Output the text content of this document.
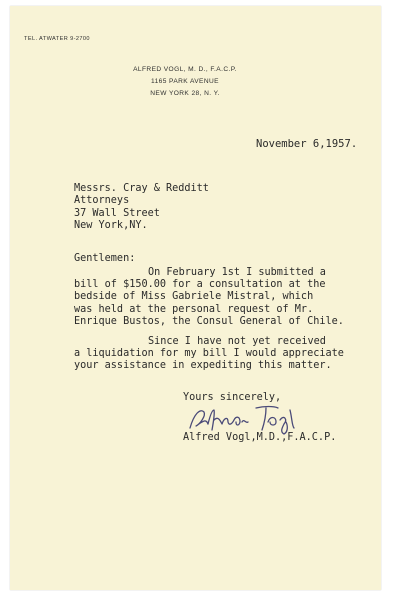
TEL. ATWATER 9-2700
ALFRED VOGL, M. D., F.A.C.P.
1165 PARK AVENUE
NEW YORK 28, N. Y.
November 6,1957.
Messrs. Cray & Redditt
Attorneys
37 Wall Street
New York,NY.
Gentlemen:
On February 1st I submitted a
bill of $150.00 for a consultation at the
bedside of Miss Gabriele Mistral, which
was held at the personal request of Mr.
Enrique Bustos, the Consul General of Chile.
Since I have not yet received
a liquidation for my bill I would appreciate
your assistance in expediting this matter.
Yours sincerely,
Alfred Vogl,M.D.,F.A.C.P.
